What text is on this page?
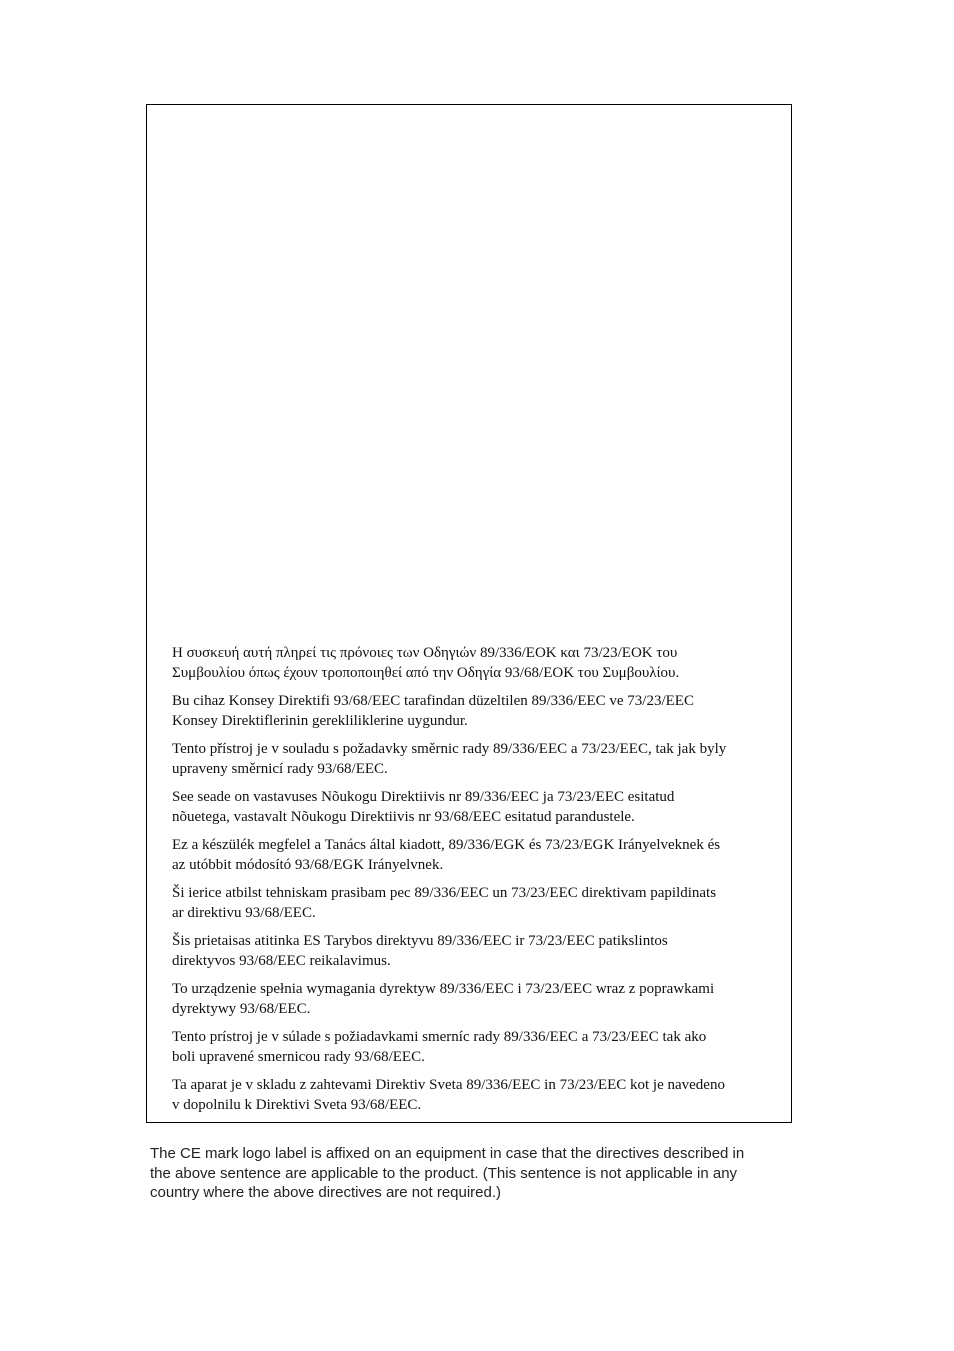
Η συσκευή αυτή πληρεί τις πρόνοιες των Οδηγιών 89/336/ΕΟΚ και 73/23/ΕΟΚ του
Συμβουλίου όπως έχουν τροποποιηθεί από την Οδηγία 93/68/ΕΟΚ του Συμβουλίου.

Bu cihaz Konsey Direktifi 93/68/EEC tarafindan düzeltilen 89/336/EEC ve 73/23/EEC
Konsey Direktiflerinin gerekliliklerine uygundur.

Tento přístroj je v souladu s požadavky směrnic rady 89/336/EEC a 73/23/EEC, tak jak byly
upraveny směrnicí rady 93/68/EEC.

See seade on vastavuses Nõukogu Direktiivis nr 89/336/EEC ja 73/23/EEC esitatud
nõuetega, vastavalt Nõukogu Direktiivis nr 93/68/EEC esitatud parandustele.

Ez a készülék megfelel a Tanács által kiadott, 89/336/EGK és 73/23/EGK Irányelveknek és
az utóbbit módosító 93/68/EGK Irányelvnek.

Ši ierice atbilst tehniskam prasibam pec 89/336/EEC un 73/23/EEC direktivam papildinats
ar direktivu 93/68/EEC.

Šis prietaisas atitinka ES Tarybos direktyvu 89/336/EEC ir 73/23/EEC patikslintos
direktyvos 93/68/EEC reikalavimus.

To urządzenie spełnia wymagania dyrektyw 89/336/EEC i 73/23/EEC wraz z poprawkami
dyrektywy 93/68/EEC.

Tento prístroj je v súlade s požiadavkami smerníc rady 89/336/EEC a 73/23/EEC tak ako
boli upravené smernicou rady 93/68/EEC.

Ta aparat je v skladu z zahtevami Direktiv Sveta 89/336/EEC in 73/23/EEC kot je navedeno
v dopolnilu k Direktivi Sveta 93/68/EEC.

The CE mark logo label is affixed on an equipment in case that the directives described in
the above sentence are applicable to the product. (This sentence is not applicable in any
country where the above directives are not required.)
